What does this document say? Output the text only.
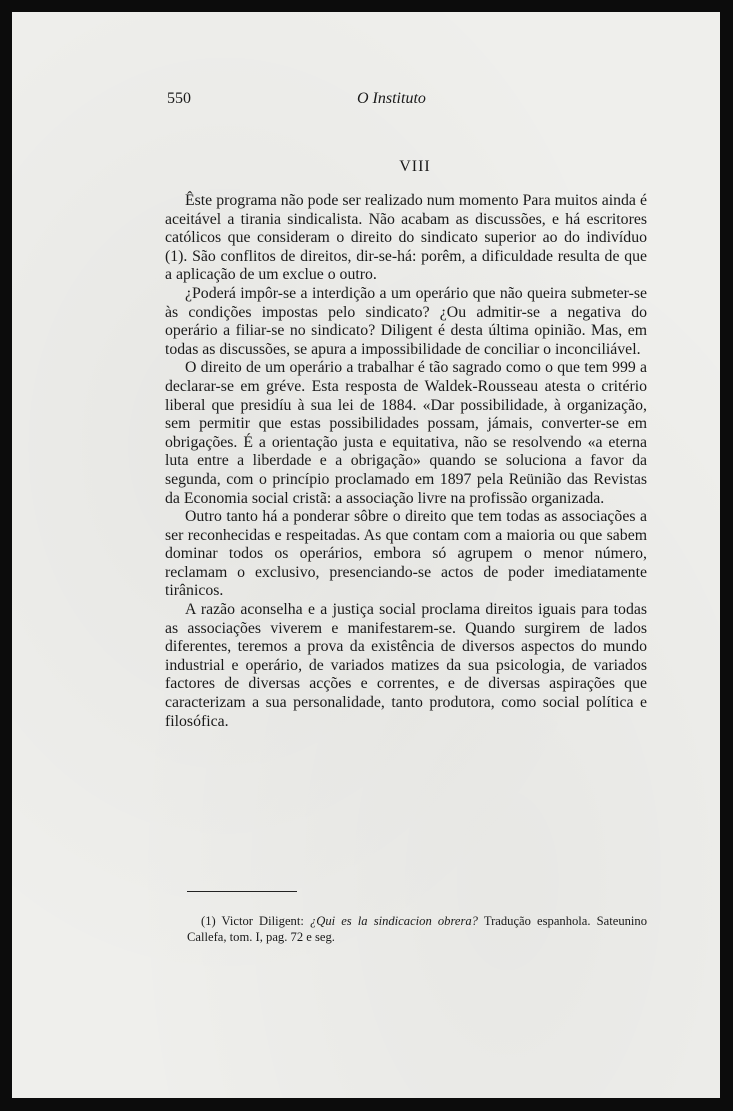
550	O Instituto
VIII

Êste programa não pode ser realizado num momento Para muitos ainda é aceitável a tirania sindicalista. Não acabam as discussões, e há escritores católicos que consideram o direito do sindicato superior ao do indivíduo (1). São conflitos de direitos, dir-se-há: porêm, a dificuldade resulta de que a aplicação de um exclue o outro.

¿Poderá impôr-se a interdição a um operário que não queira submeter-se às condições impostas pelo sindicato? ¿Ou admitir-se a negativa do operário a filiar-se no sindicato? Diligent é desta última opinião. Mas, em todas as discussões, se apura a impossibilidade de conciliar o inconciliável.

O direito de um operário a trabalhar é tão sagrado como o que tem 999 a declarar-se em gréve. Esta resposta de Waldek-Rousseau atesta o critério liberal que presidíu à sua lei de 1884. «Dar possibilidade, à organização, sem permitir que estas possibilidades possam, jámais, converter-se em obrigações. É a orientação justa e equitativa, não se resolvendo «a eterna luta entre a liberdade e a obrigação» quando se soluciona a favor da segunda, com o princípio proclamado em 1897 pela Reünião das Revistas da Economia social cristã: a associação livre na profissão organizada.

Outro tanto há a ponderar sôbre o direito que tem todas as associações a ser reconhecidas e respeitadas. As que contam com a maioria ou que sabem dominar todos os operários, embora só agrupem o menor número, reclamam o exclusivo, presenciando-se actos de poder imediatamente tirânicos.

A razão aconselha e a justiça social proclama direitos iguais para todas as associações viverem e manifestarem-se. Quando surgirem de lados diferentes, teremos a prova da existência de diversos aspectos do mundo industrial e operário, de variados matizes da sua psicologia, de variados factores de diversas acções e correntes, e de diversas aspirações que caracterizam a sua personalidade, tanto produtora, como social política e filosófica.

(1) Victor Diligent: ¿Qui es la sindicacion obrera? Tradução espanhola. Sateunino Callefa, tom. I, pag. 72 e seg.
